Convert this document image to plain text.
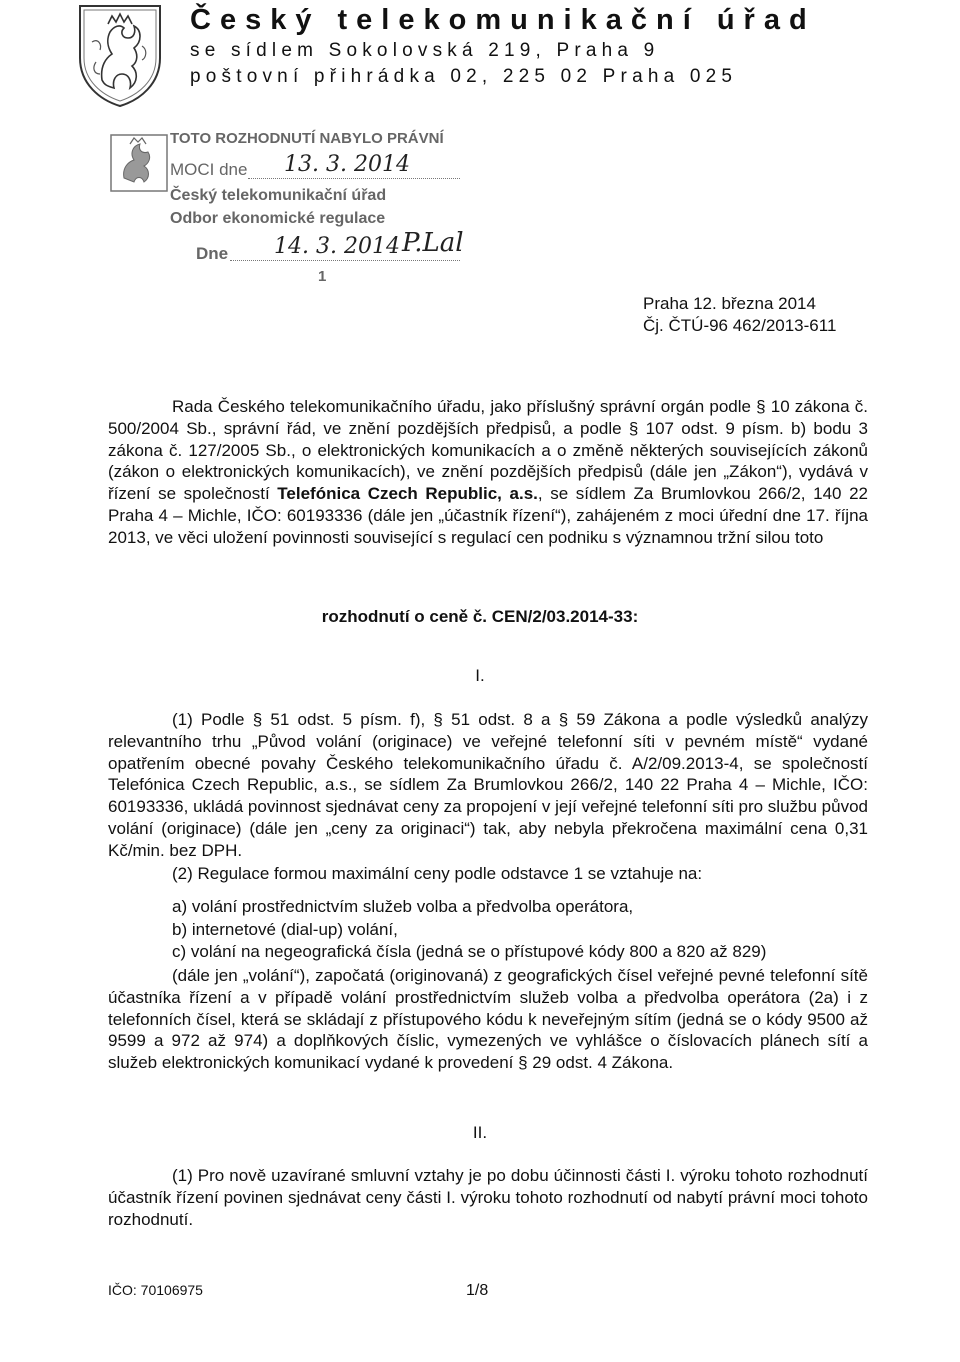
Český telekomunikační úřad
se sídlem Sokolovská 219, Praha 9
poštovní přihrádka 02, 225 02 Praha 025
TOTO ROZHODNUTÍ NABYLO PRÁVNÍ
MOCI dne 13. 3. 2014
Český telekomunikační úřad
Odbor ekonomické regulace
Dne 14. 3. 2014 P.Lal
1
Praha 12. března 2014
Čj. ČTÚ-96 462/2013-611
Rada Českého telekomunikačního úřadu, jako příslušný správní orgán podle § 10 zákona č. 500/2004 Sb., správní řád, ve znění pozdějších předpisů, a podle § 107 odst. 9 písm. b) bodu 3 zákona č. 127/2005 Sb., o elektronických komunikacích a o změně některých souvisejících zákonů (zákon o elektronických komunikacích), ve znění pozdějších předpisů (dále jen „Zákon“), vydává v řízení se společností Telefónica Czech Republic, a.s., se sídlem Za Brumlovkou 266/2, 140 22 Praha 4 – Michle, IČO: 60193336 (dále jen „účastník řízení“), zahájeném z moci úřední dne 17. října 2013, ve věci uložení povinnosti související s regulací cen podniku s významnou tržní silou toto
rozhodnutí o ceně č. CEN/2/03.2014-33:
I.
(1) Podle § 51 odst. 5 písm. f), § 51 odst. 8 a § 59 Zákona a podle výsledků analýzy relevantního trhu „Původ volání (originace) ve veřejné telefonní síti v pevném místě“ vydané opatřením obecné povahy Českého telekomunikačního úřadu č. A/2/09.2013-4, se společností Telefónica Czech Republic, a.s., se sídlem Za Brumlovkou 266/2, 140 22 Praha 4 – Michle, IČO: 60193336, ukládá povinnost sjednávat ceny za propojení v její veřejné telefonní síti pro službu původ volání (originace) (dále jen „ceny za originaci“) tak, aby nebyla překročena maximální cena 0,31 Kč/min. bez DPH.
(2) Regulace formou maximální ceny podle odstavce 1 se vztahuje na:
a) volání prostřednictvím služeb volba a předvolba operátora,
b) internetové (dial-up) volání,
c) volání na negeografická čísla (jedná se o přístupové kódy 800 a 820 až 829)
(dále jen „volání“), započatá (originovaná) z geografických čísel veřejné pevné telefonní sítě účastníka řízení a v případě volání prostřednictvím služeb volba a předvolba operátora (2a) i z telefonních čísel, která se skládají z přístupového kódu k neveřejným sítím (jedná se o kódy 9500 až 9599 a 972 až 974) a doplňkových číslic, vymezených ve vyhlášce o číslovacích plánech sítí a služeb elektronických komunikací vydané k provedení § 29 odst. 4 Zákona.
II.
(1) Pro nově uzavírané smluvní vztahy je po dobu účinnosti části I. výroku tohoto rozhodnutí účastník řízení povinen sjednávat ceny části I. výroku tohoto rozhodnutí od nabytí právní moci tohoto rozhodnutí.
IČO: 70106975	1/8
